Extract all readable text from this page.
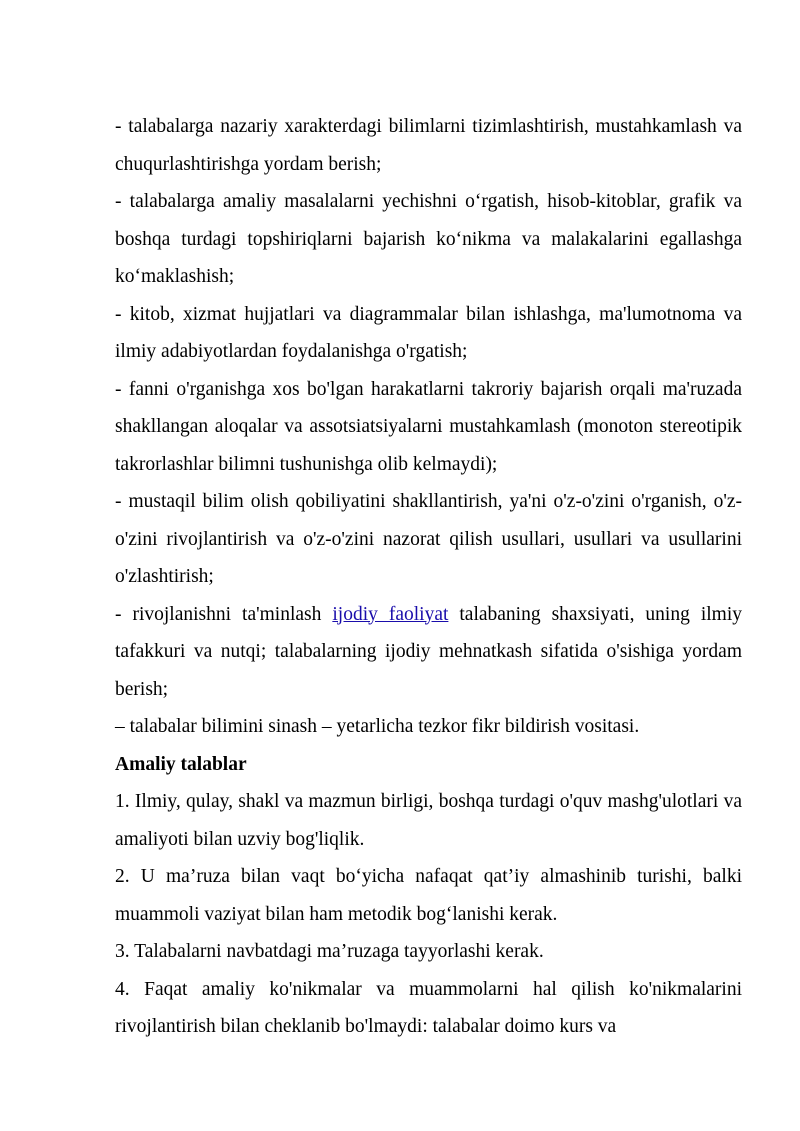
- talabalarga nazariy xarakterdagi bilimlarni tizimlashtirish, mustahkamlash va chuqurlashtirishga yordam berish;

- talabalarga amaliy masalalarni yechishni o‘rgatish, hisob-kitoblar, grafik va boshqa turdagi topshiriqlarni bajarish ko‘nikma va malakalarini egallashga ko‘maklashish;

- kitob, xizmat hujjatlari va diagrammalar bilan ishlashga, ma'lumotnoma va ilmiy adabiyotlardan foydalanishga o'rgatish;

- fanni o'rganishga xos bo'lgan harakatlarni takroriy bajarish orqali ma'ruzada shakllangan aloqalar va assotsiatsiyalarni mustahkamlash (monoton stereotipik takrorlashlar bilimni tushunishga olib kelmaydi);

- mustaqil bilim olish qobiliyatini shakllantirish, ya'ni o'z-o'zini o'rganish, o'z-o'zini rivojlantirish va o'z-o'zini nazorat qilish usullari, usullari va usullarini o'zlashtirish;

- rivojlanishni ta'minlash ijodiy faoliyat talabaning shaxsiyati, uning ilmiy tafakkuri va nutqi; talabalarning ijodiy mehnatkash sifatida o'sishiga yordam berish;

– talabalar bilimini sinash – yetarlicha tezkor fikr bildirish vositasi.

Amaliy talablar

1. Ilmiy, qulay, shakl va mazmun birligi, boshqa turdagi o'quv mashg'ulotlari va amaliyoti bilan uzviy bog'liqlik.

2. U ma’ruza bilan vaqt bo‘yicha nafaqat qat’iy almashinib turishi, balki muammoli vaziyat bilan ham metodik bog‘lanishi kerak.

3. Talabalarni navbatdagi ma’ruzaga tayyorlashi kerak.

4. Faqat amaliy ko'nikmalar va muammolarni hal qilish ko'nikmalarini rivojlantirish bilan cheklanib bo'lmaydi: talabalar doimo kurs va
